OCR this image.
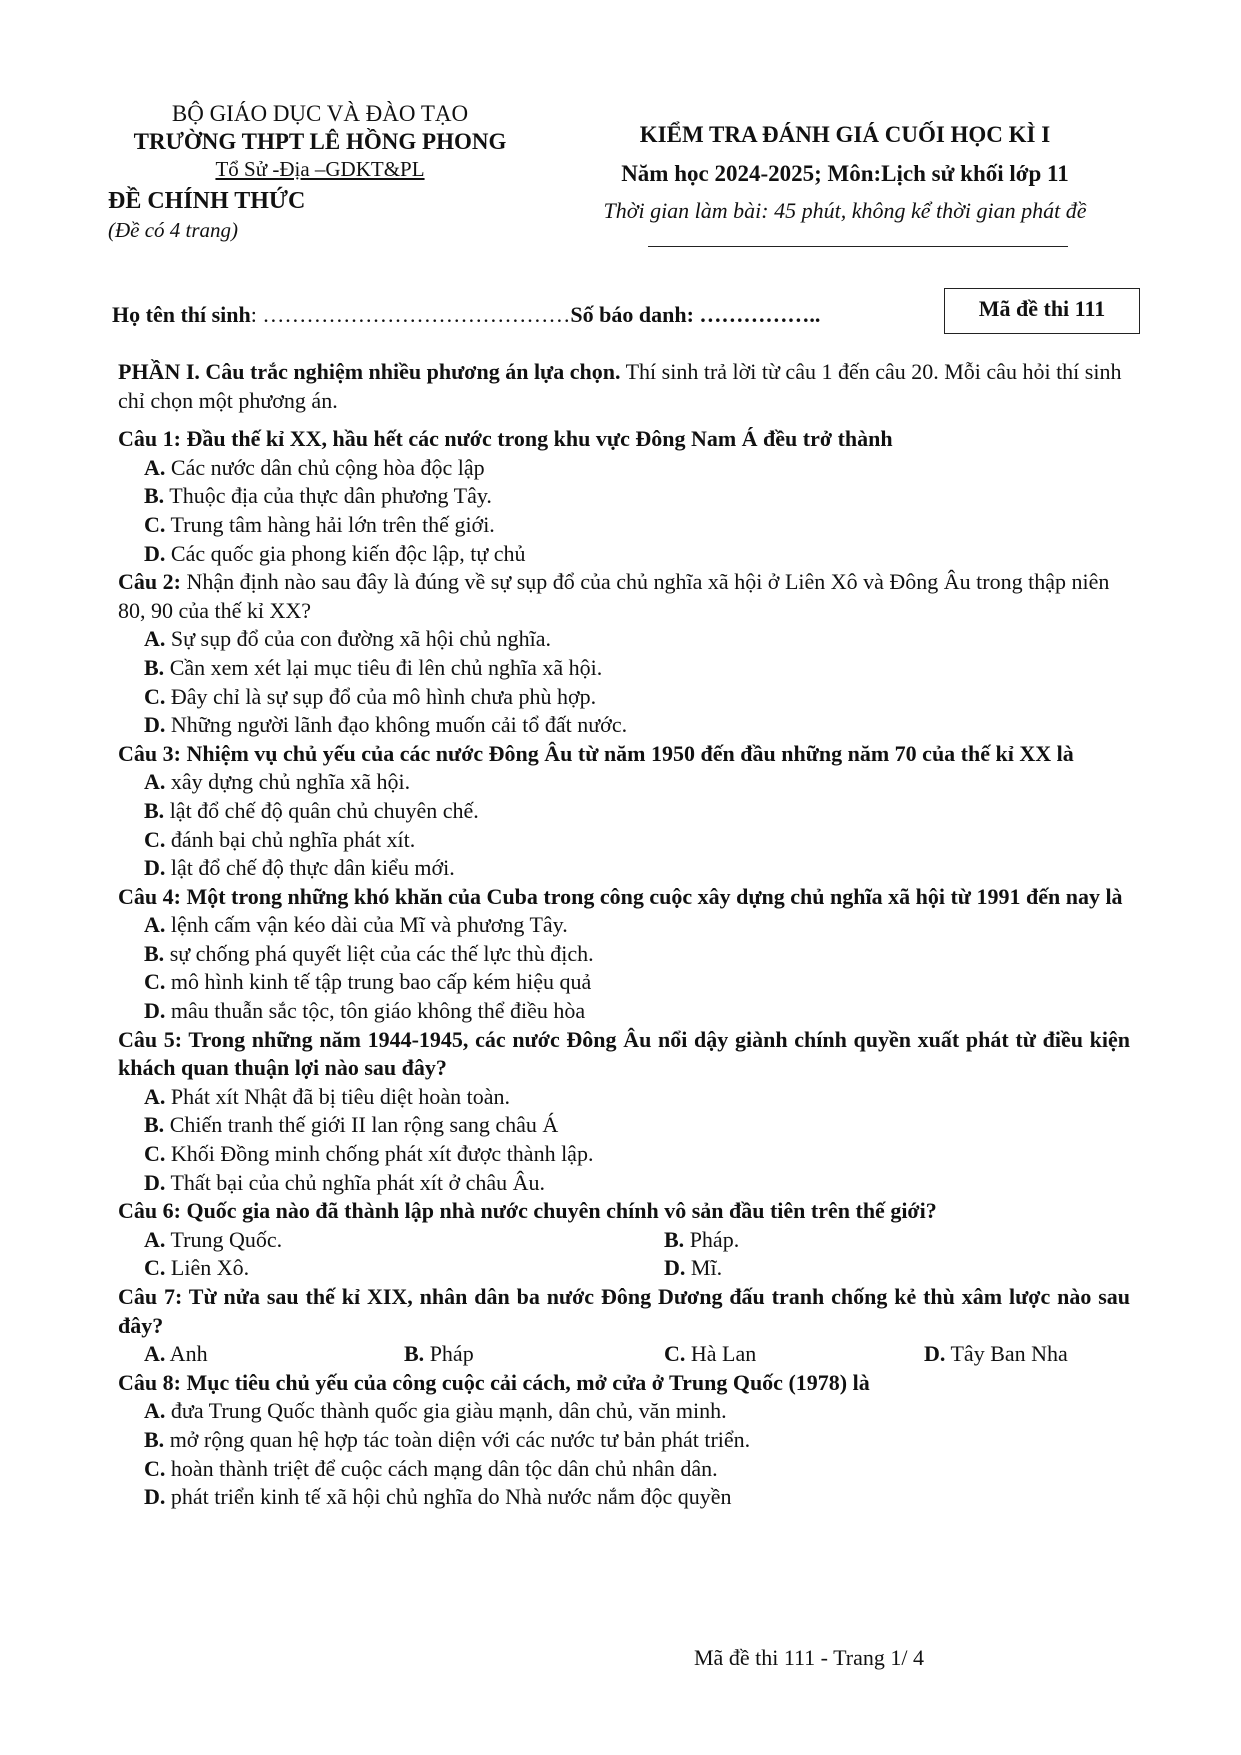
BỘ GIÁO DỤC VÀ ĐÀO TẠO
TRƯỜNG THPT LÊ HỒNG PHONG
Tổ Sử -Địa –GDKT&PL
ĐỀ CHÍNH THỨC
(Đề có 4 trang)
KIỂM TRA ĐÁNH GIÁ CUỐI HỌC KÌ I
Năm học 2024-2025; Môn:Lịch sử khối lớp 11
Thời gian làm bài: 45 phút, không kể thời gian phát đề
Họ tên thí sinh: ……………………………………Số báo danh: ……………..	Mã đề thi 111

PHẦN I. Câu trắc nghiệm nhiều phương án lựa chọn. Thí sinh trả lời từ câu 1 đến câu 20. Mỗi câu hỏi thí sinh chỉ chọn một phương án.

Câu 1: Đầu thế kỉ XX, hầu hết các nước trong khu vực Đông Nam Á đều trở thành

A. Các nước dân chủ cộng hòa độc lập

B. Thuộc địa của thực dân phương Tây.

C. Trung tâm hàng hải lớn trên thế giới.

D. Các quốc gia phong kiến độc lập, tự chủ

Câu 2: Nhận định nào sau đây là đúng về sự sụp đổ của chủ nghĩa xã hội ở Liên Xô và Đông Âu trong thập niên 80, 90 của thế kỉ XX?

A. Sự sụp đổ của con đường xã hội chủ nghĩa.

B. Cần xem xét lại mục tiêu đi lên chủ nghĩa xã hội.

C. Đây chỉ là sự sụp đổ của mô hình chưa phù hợp.

D. Những người lãnh đạo không muốn cải tổ đất nước.

Câu 3: Nhiệm vụ chủ yếu của các nước Đông Âu từ năm 1950 đến đầu những năm 70 của thế kỉ XX là

A. xây dựng chủ nghĩa xã hội.

B. lật đổ chế độ quân chủ chuyên chế.

C. đánh bại chủ nghĩa phát xít.

D. lật đổ chế độ thực dân kiểu mới.

Câu 4: Một trong những khó khăn của Cuba trong công cuộc xây dựng chủ nghĩa xã hội từ 1991 đến nay là

A. lệnh cấm vận kéo dài của Mĩ và phương Tây.

B. sự chống phá quyết liệt của các thế lực thù địch.

C. mô hình kinh tế tập trung bao cấp kém hiệu quả

D. mâu thuẫn sắc tộc, tôn giáo không thể điều hòa

Câu 5: Trong những năm 1944-1945, các nước Đông Âu nổi dậy giành chính quyền xuất phát từ điều kiện khách quan thuận lợi nào sau đây?

A. Phát xít Nhật đã bị tiêu diệt hoàn toàn.

B. Chiến tranh thế giới II lan rộng sang châu Á

C. Khối Đồng minh chống phát xít được thành lập.

D. Thất bại của chủ nghĩa phát xít ở châu Âu.

Câu 6: Quốc gia nào đã thành lập nhà nước chuyên chính vô sản đầu tiên trên thế giới?

A. Trung Quốc.	B. Pháp.
C. Liên Xô.	D. Mĩ.

Câu 7: Từ nửa sau thế kỉ XIX, nhân dân ba nước Đông Dương đấu tranh chống kẻ thù xâm lược nào sau đây?

A. Anh	B. Pháp	C. Hà Lan	D. Tây Ban Nha

Câu 8: Mục tiêu chủ yếu của công cuộc cải cách, mở cửa ở Trung Quốc (1978) là

A. đưa Trung Quốc thành quốc gia giàu mạnh, dân chủ, văn minh.

B. mở rộng quan hệ hợp tác toàn diện với các nước tư bản phát triển.

C. hoàn thành triệt để cuộc cách mạng dân tộc dân chủ nhân dân.

D. phát triển kinh tế xã hội chủ nghĩa do Nhà nước nắm độc quyền

Mã đề thi 111 - Trang 1/ 4
